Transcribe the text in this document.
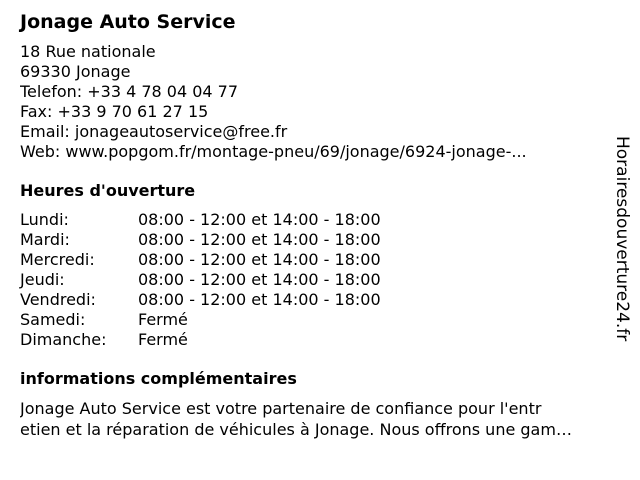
Jonage Auto Service
18 Rue nationale
69330 Jonage
Telefon: +33 4 78 04 04 77
Fax: +33 9 70 61 27 15
Email: jonageautoservice@free.fr
Web: www.popgom.fr/montage-pneu/69/jonage/6924-jonage-...
Heures d'ouverture
Lundi:	08:00 - 12:00 et 14:00 - 18:00
Mardi:	08:00 - 12:00 et 14:00 - 18:00
Mercredi:	08:00 - 12:00 et 14:00 - 18:00
Jeudi:	08:00 - 12:00 et 14:00 - 18:00
Vendredi:	08:00 - 12:00 et 14:00 - 18:00
Samedi:	Fermé
Dimanche:	Fermé
informations complémentaires
Jonage Auto Service est votre partenaire de confiance pour l'entr
etien et la réparation de véhicules à Jonage. Nous offrons une gam…
Horairesdouverture24.fr
